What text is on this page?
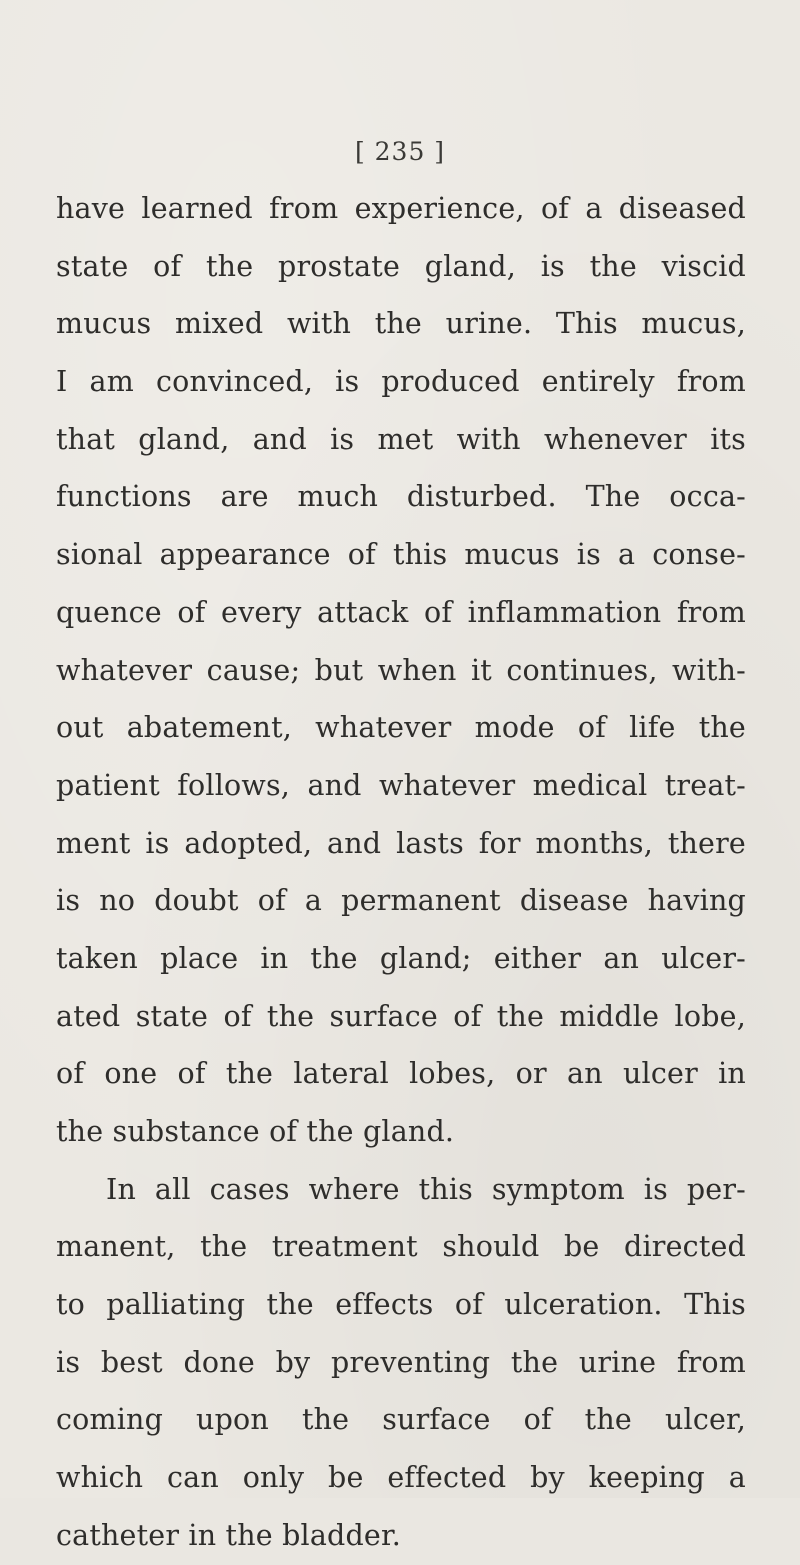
[ 235 ]
have learned from experience, of a diseased
state of the prostate gland, is the viscid
mucus mixed with the urine. This mucus,
I am convinced, is produced entirely from
that gland, and is met with whenever its
functions are much disturbed. The occa-
sional appearance of this mucus is a conse-
quence of every attack of inflammation from
whatever cause; but when it continues, with-
out abatement, whatever mode of life the
patient follows, and whatever medical treat-
ment is adopted, and lasts for months, there
is no doubt of a permanent disease having
taken place in the gland; either an ulcer-
ated state of the surface of the middle lobe,
of one of the lateral lobes, or an ulcer in
the substance of the gland.
In all cases where this symptom is per-
manent, the treatment should be directed
to palliating the effects of ulceration. This
is best done by preventing the urine from
coming upon the surface of the ulcer,
which can only be effected by keeping a
catheter in the bladder.
